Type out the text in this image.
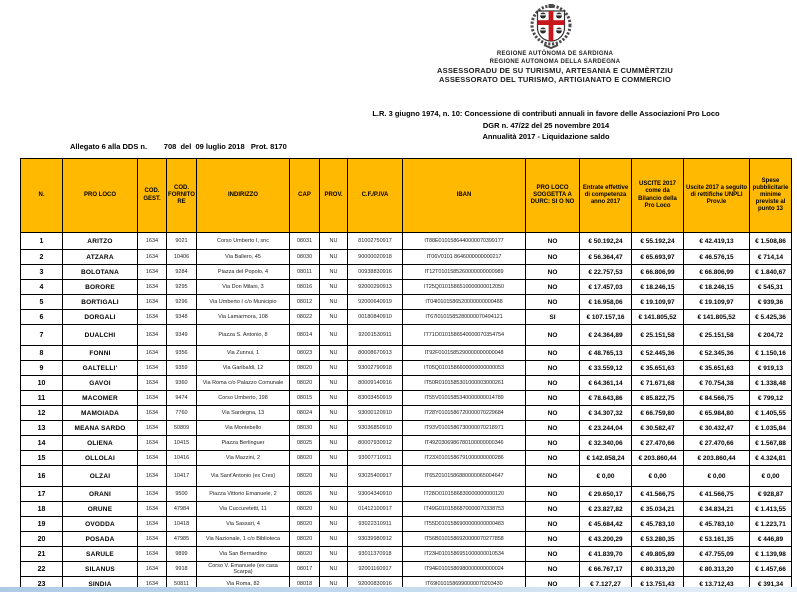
REGIONE AUTÒNOMA DE SARDIGNA
REGIONE AUTONOMA DELLA SARDEGNA
ASSESSORADU DE SU TURISMU, ARTESANIA E CUMMÈRTZIU
ASSESSORATO DEL TURISMO, ARTIGIANATO E COMMERCIO
L.R. 3 giugno 1974, n. 10: Concessione di contributi annuali in favore delle Associazioni Pro Loco
DGR n. 47/22 del 25 novembre 2014
Annualità 2017 - Liquidazione saldo
Allegato 6 alla DDS n.        708  del  09 luglio 2018   Prot. 8170
N.	PRO LOCO	COD. GEST.	COD. FORNITORE	INDIRIZZO	CAP	PROV.	C.F./P.IVA	IBAN	PRO LOCO SOGGETTA A DURC: SI O NO	Entrate effettive di competenza anno 2017	USCITE 2017 come da Bilancio della Pro Loco	Uscite 2017 a seguito di rettifiche UNPLI Prov.le	Spese pubblicitarie minime previste al punto 13
1	ARITZO	1634	9021	Corso Umberto I, snc	08031	NU	81002750917	IT88E0101586440000070399177	NO	€ 50.192,24	€ 55.192,24	€ 42.419,13	€ 1.508,86
2	ATZARA	1634	10406	Via Ballero, 45	08030	NU	90000020918	IT06V0101 8646000000000217	NO	€ 56.364,47	€ 65.693,97	€ 46.576,15	€ 714,14
3	BOLOTANA	1634	9284	Piazza del Popolo, 4	08011	NU	00938830916	IT12T0101585260000000000989	NO	€ 22.757,53	€ 66.806,99	€ 66.806,99	€ 1.840,67
4	BORORE	1634	9295	Via Don Milani, 3	08016	NU	92000290913	IT25Q0101586510000000012050	NO	€ 17.457,03	€ 18.246,15	€ 18.246,15	€ 545,31
5	BORTIGALI	1634	9296	Via Umberto I c/o Municipio	08012	NU	92000640919	IT04I0101586520000000000488	NO	€ 16.958,06	€ 19.109,97	€ 19.109,97	€ 939,36
6	DORGALI	1634	9348	Via Lamarmora, 108	08022	NU	00180840910	IT67I0101585280000070494121	SI	€ 107.157,16	€ 141.805,52	€ 141.805,52	€ 5.425,36
7	DUALCHI	1634	9349	Piazza S. Antonio, 8	08014	NU	92001530911	IT71O0101586540000070354754	NO	€ 24.364,89	€ 25.151,58	€ 25.151,58	€ 204,72
8	FONNI	1634	9356	Via Zunnui, 1	08023	NU	80008670913	IT92F0101585290000000000048	NO	€ 48.765,13	€ 52.445,36	€ 52.345,36	€ 1.150,16
9	GALTELLI'	1634	9359	Via Garibaldi, 12	08020	NU	93002790918	IT05Q0101586600000000000053	NO	€ 33.559,12	€ 35.651,63	€ 35.651,63	€ 919,13
10	GAVOI	1634	9360	Via Roma c/o Palazzo Comunale	08020	NU	80009140916	IT50R0101585301000003000261	NO	€ 64.361,14	€ 71.671,68	€ 70.754,38	€ 1.338,48
11	MACOMER	1634	9474	Corso Umberto, 198	08015	NU	83003450919	IT55V0101585340000000014789	NO	€ 78.643,86	€ 85.822,75	€ 84.566,75	€ 799,12
12	MAMOIADA	1634	7760	Via Sardegna, 13	08024	NU	93000120910	IT28Y0101586720000070229684	NO	€ 34.307,32	€ 66.759,80	€ 65.984,80	€ 1.405,55
13	MEANA SARDO	1634	50809	Via Montebello	08030	NU	93036850910	IT93V0101586730000070218971	NO	€ 23.244,04	€ 30.582,47	€ 30.432,47	€ 1.035,84
14	OLIENA	1634	10415	Piazza Berlinguer	08025	NU	80007930912	IT49Z0306986780100000000346	NO	€ 32.340,06	€ 27.470,66	€ 27.470,66	€ 1.567,88
15	OLLOLAI	1634	10416	Via Mazzini, 2	08020	NU	93007710911	IT23X0101586791000000000286	NO	€ 142.858,24	€ 203.860,44	€ 203.860,44	€ 4.324,81
16	OLZAI	1634	10417	Via Sant'Antonio (ex Cres)	08020	NU	93025400917	IT65Z0101586880000065004647	NO	€ 0,00	€ 0,00	€ 0,00	€ 0,00
17	ORANI	1634	9500	Piazza Vittorio Emanuele, 2	08026	NU	93004340910	IT28O0101586830000000000120	NO	€ 29.650,17	€ 41.566,75	€ 41.566,75	€ 928,87
18	ORUNE	1634	47984	Via Cuccuretetti, 11	08020	NU	01412100917	IT49G0101586870000070338753	NO	€ 23.827,82	€ 35.034,21	€ 34.834,21	€ 1.413,55
19	OVODDA	1634	10418	Via Sassari, 4	08020	NU	93022310911	IT55D0101586900000000000483	NO	€ 45.684,42	€ 45.783,10	€ 45.783,10	€ 1.223,71
20	POSADA	1634	47985	Via Nazionale, 1 c/o Biblioteca	08020	NU	93039980912	IT56B0101586920000070277858	NO	€ 43.200,29	€ 53.280,35	€ 53.161,35	€ 446,89
21	SARULE	1634	9899	Via San Bernardino	08020	NU	93011370918	IT23H0101586951000000010534	NO	€ 41.839,70	€ 49.805,89	€ 47.755,09	€ 1.139,98
22	SILANUS	1634	9918	Corso V. Emanuele (ex casa Scarpa)	08017	NU	92001160917	IT94E0101586980000000000024	NO	€ 66.767,17	€ 80.313,20	€ 80.313,20	€ 1.457,66
23	SINDIA	1634	50811	Via Roma, 82	08018	NU	92000830916	IT69I0101586990000070203430	NO	€ 7.127,27	€ 13.751,43	€ 13.712,43	€ 391,34
